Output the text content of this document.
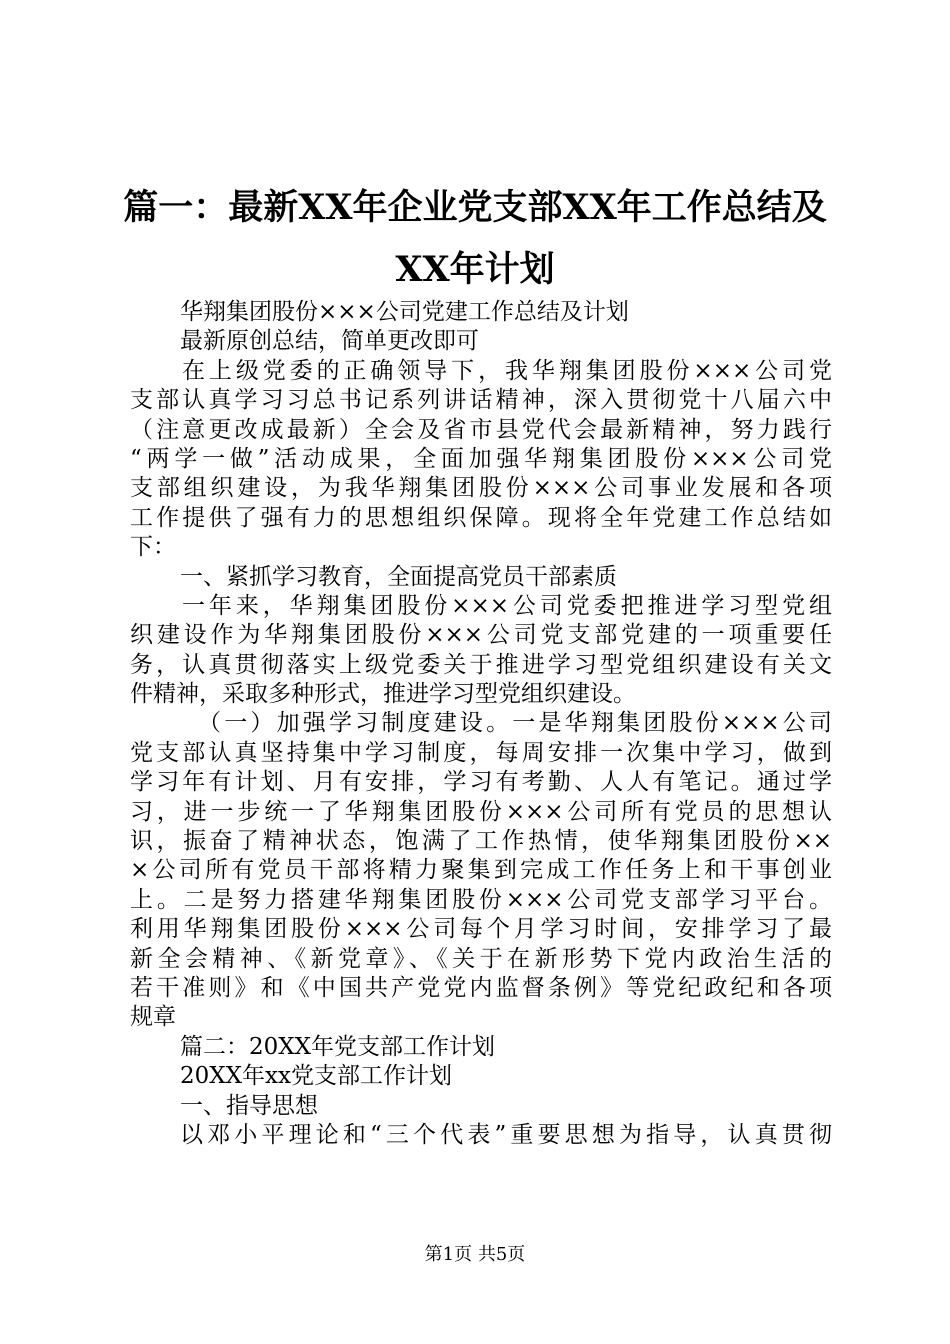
篇一：最新XX年企业党支部XX年工作总结及
XX年计划
华翔集团股份×××公司党建工作总结及计划
最新原创总结，简单更改即可
在上级党委的正确领导下，我华翔集团股份×××公司党
支部认真学习习总书记系列讲话精神，深入贯彻党十八届六中
（注意更改成最新）全会及省市县党代会最新精神，努力践行
“两学一做”活动成果，全面加强华翔集团股份×××公司党
支部组织建设，为我华翔集团股份×××公司事业发展和各项
工作提供了强有力的思想组织保障。现将全年党建工作总结如
下：
一、紧抓学习教育，全面提高党员干部素质
一年来，华翔集团股份×××公司党委把推进学习型党组
织建设作为华翔集团股份×××公司党支部党建的一项重要任
务，认真贯彻落实上级党委关于推进学习型党组织建设有关文
件精神，采取多种形式，推进学习型党组织建设。
（一）加强学习制度建设。一是华翔集团股份×××公司
党支部认真坚持集中学习制度，每周安排一次集中学习，做到
学习年有计划、月有安排，学习有考勤、人人有笔记。通过学
习，进一步统一了华翔集团股份×××公司所有党员的思想认
识，振奋了精神状态，饱满了工作热情，使华翔集团股份××
×公司所有党员干部将精力聚集到完成工作任务上和干事创业
上。二是努力搭建华翔集团股份×××公司党支部学习平台。
利用华翔集团股份×××公司每个月学习时间，安排学习了最
新全会精神、《新党章》、《关于在新形势下党内政治生活的
若干准则》和《中国共产党党内监督条例》等党纪政纪和各项
规章
篇二：20XX年党支部工作计划
20XX年xx党支部工作计划
一、指导思想
以邓小平理论和“三个代表”重要思想为指导，认真贯彻
第1页 共5页
